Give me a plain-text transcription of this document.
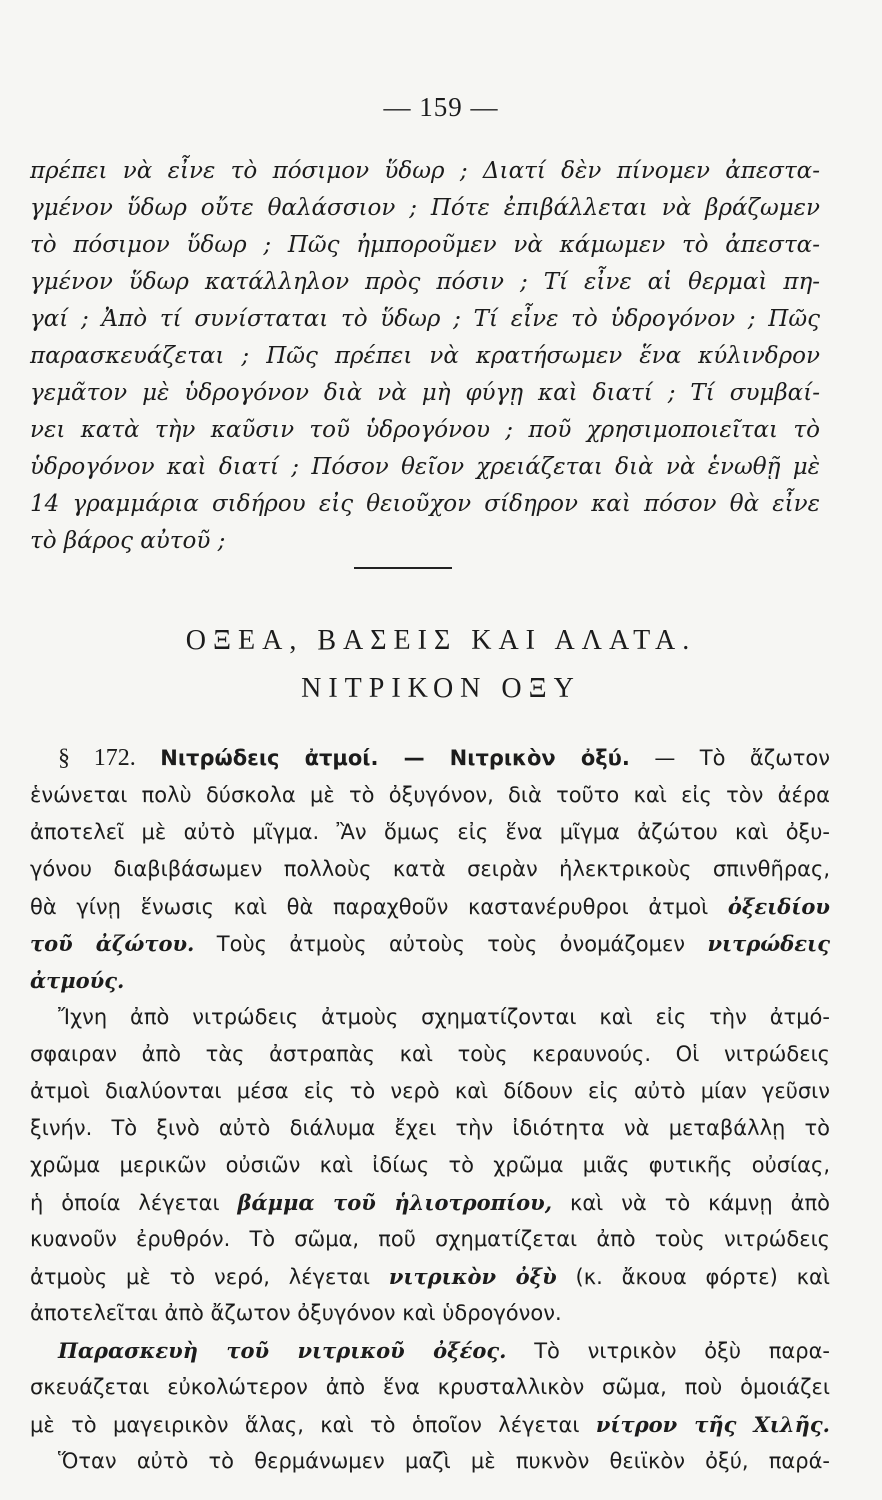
— 159 —
πρέπει νὰ εἶνε τὸ πόσιμον ὕδωρ ; Διατί δὲν πίνομεν ἀπεστα-
γμένον ὕδωρ οὔτε θαλάσσιον ; Πότε ἐπιβάλλεται νὰ βράζωμεν
τὸ πόσιμον ὕδωρ ; Πῶς ἠμποροῦμεν νὰ κάμωμεν τὸ ἀπεστα-
γμένον ὕδωρ κατάλληλον πρὸς πόσιν ; Τί εἶνε αἱ θερμαὶ πη-
γαί ; Ἀπὸ τί συνίσταται τὸ ὕδωρ ; Τί εἶνε τὸ ὑδρογόνον ; Πῶς
παρασκευάζεται ; Πῶς πρέπει νὰ κρατήσωμεν ἕνα κύλινδρον
γεμᾶτον μὲ ὑδρογόνον διὰ νὰ μὴ φύγῃ καὶ διατί ; Τί συμβαί-
νει κατὰ τὴν καῦσιν τοῦ ὑδρογόνου ; ποῦ χρησιμοποιεῖται τὸ
ὑδρογόνον καὶ διατί ; Πόσον θεῖον χρειάζεται διὰ νὰ ἑνωθῇ μὲ
14 γραμμάρια σιδήρου εἰς θειοῦχον σίδηρον καὶ πόσον θὰ εἶνε
τὸ βάρος αὐτοῦ ;
ΟΞΕΑ, ΒΑΣΕΙΣ ΚΑΙ ΑΛΑΤΑ.
ΝΙΤΡΙΚΟΝ ΟΞΥ
§ 172. Νιτρώδεις ἀτμοί. — Νιτρικὸν ὀξύ. — Τὸ ἄζωτον
ἑνώνεται πολὺ δύσκολα μὲ τὸ ὀξυγόνον, διὰ τοῦτο καὶ εἰς τὸν ἀέρα
ἀποτελεῖ μὲ αὐτὸ μῖγμα. Ἂν ὅμως εἰς ἕνα μῖγμα ἀζώτου καὶ ὀξυ-
γόνου διαβιβάσωμεν πολλοὺς κατὰ σειρὰν ἠλεκτρικοὺς σπινθῆρας,
θὰ γίνῃ ἕνωσις καὶ θὰ παραχθοῦν καστανέρυθροι ἀτμοὶ ὀξειδίου
τοῦ ἀζώτου. Τοὺς ἀτμοὺς αὐτοὺς τοὺς ὀνομάζομεν νιτρώδεις
ἀτμούς.
Ἴχνη ἀπὸ νιτρώδεις ἀτμοὺς σχηματίζονται καὶ εἰς τὴν ἀτμό-
σφαιραν ἀπὸ τὰς ἀστραπὰς καὶ τοὺς κεραυνούς. Οἱ νιτρώδεις
ἀτμοὶ διαλύονται μέσα εἰς τὸ νερὸ καὶ δίδουν εἰς αὐτὸ μίαν γεῦσιν
ξινήν. Τὸ ξινὸ αὐτὸ διάλυμα ἔχει τὴν ἰδιότητα νὰ μεταβάλλῃ τὸ
χρῶμα μερικῶν οὐσιῶν καὶ ἰδίως τὸ χρῶμα μιᾶς φυτικῆς οὐσίας,
ἡ ὁποία λέγεται βάμμα τοῦ ἡλιοτροπίου, καὶ νὰ τὸ κάμνῃ ἀπὸ
κυανοῦν ἐρυθρόν. Τὸ σῶμα, ποῦ σχηματίζεται ἀπὸ τοὺς νιτρώδεις
ἀτμοὺς μὲ τὸ νερό, λέγεται νιτρικὸν ὀξὺ (κ. ἄκουα φόρτε) καὶ
ἀποτελεῖται ἀπὸ ἄζωτον ὀξυγόνον καὶ ὑδρογόνον.
Παρασκευὴ τοῦ νιτρικοῦ ὀξέος. Τὸ νιτρικὸν ὀξὺ παρα-
σκευάζεται εὐκολώτερον ἀπὸ ἕνα κρυσταλλικὸν σῶμα, ποὺ ὁμοιάζει
μὲ τὸ μαγειρικὸν ἅλας, καὶ τὸ ὁποῖον λέγεται νίτρον τῆς Χιλῆς.
Ὅταν αὐτὸ τὸ θερμάνωμεν μαζὶ μὲ πυκνὸν θειϊκὸν ὀξύ, παρά-
